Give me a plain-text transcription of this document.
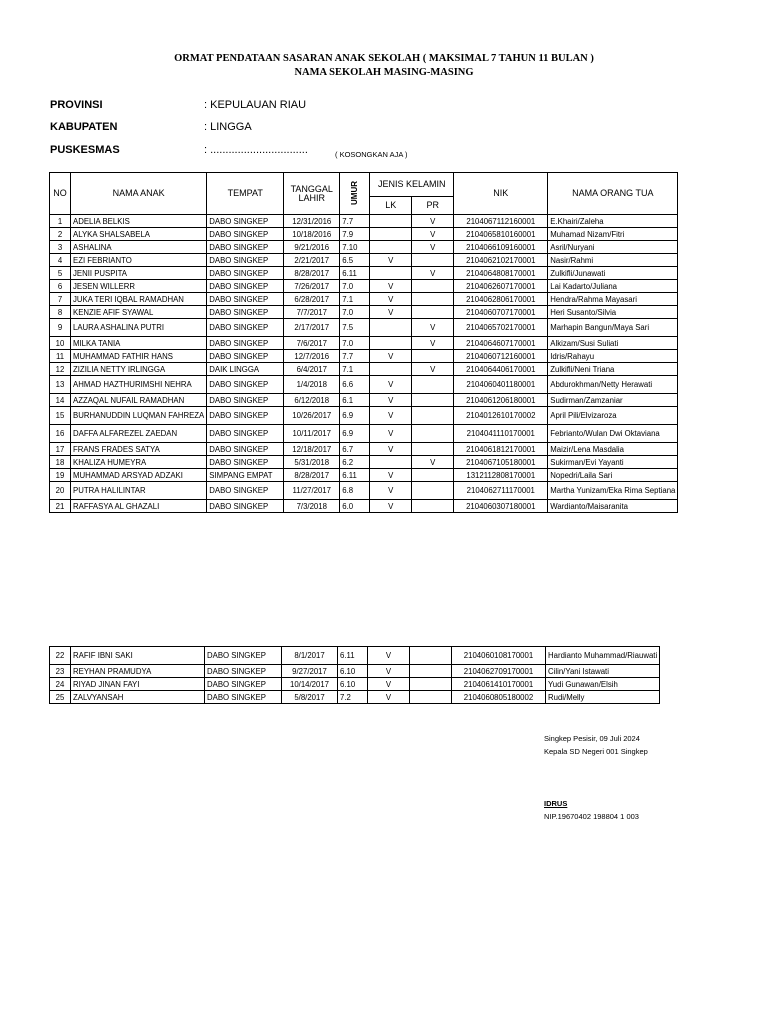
ORMAT PENDATAAN SASARAN ANAK SEKOLAH ( MAKSIMAL 7 TAHUN 11 BULAN )
NAMA SEKOLAH MASING-MASING
PROVINSI	: KEPULAUAN RIAU
KABUPATEN	: LINGGA
PUSKESMAS	: ................................	( KOSONGKAN AJA )
NO	NAMA ANAK	TEMPAT	TANGGAL LAHIR	UMUR	JENIS KELAMIN		NIK	NAMA ORANG TUA
					LK	PR		
1	ADELIA BELKIS	DABO SINGKEP	12/31/2016	7.7		V	2104067112160001	E.Khairi/Zaleha
2	ALYKA SHALSABELA	DABO SINGKEP	10/18/2016	7.9		V	2104065810160001	Muhamad Nizam/Fitri
3	ASHALINA	DABO SINGKEP	9/21/2016	7.10		V	2104066109160001	Asril/Nuryani
4	EZI FEBRIANTO	DABO SINGKEP	2/21/2017	6.5	V		2104062102170001	Nasir/Rahmi
5	JENII PUSPITA	DABO SINGKEP	8/28/2017	6.11		V	2104064808170001	Zulkifli/Junawati
6	JESEN WILLERR	DABO SINGKEP	7/26/2017	7.0	V		2104062607170001	Lai Kadarto/Juliana
7	JUKA TERI IQBAL RAMADHAN	DABO SINGKEP	6/28/2017	7.1	V		2104062806170001	Hendra/Rahma Mayasari
8	KENZIE AFIF SYAWAL	DABO SINGKEP	7/7/2017	7.0	V		2104060707170001	Heri Susanto/Silvia
9	LAURA ASHALINA PUTRI	DABO SINGKEP	2/17/2017	7.5		V	2104065702170001	Marhapin Bangun/Maya Sari
10	MILKA TANIA	DABO SINGKEP	7/6/2017	7.0		V	2104064607170001	Alkizam/Susi Suliati
11	MUHAMMAD FATHIR HANS	DABO SINGKEP	12/7/2016	7.7	V		2104060712160001	Idris/Rahayu
12	ZIZILIA NETTY IRLINGGA	DAIK LINGGA	6/4/2017	7.1		V	2104064406170001	Zulkifli/Neni Triana
13	AHMAD HAZTHURIMSHI NEHRA	DABO SINGKEP	1/4/2018	6.6	V		2104060401180001	Abdurokhman/Netty Herawati
14	AZZAQAL NUFAIL RAMADHAN	DABO SINGKEP	6/12/2018	6.1	V		2104061206180001	Sudirman/Zamzaniar
15	BURHANUDDIN LUQMAN FAHREZA	DABO SINGKEP	10/26/2017	6.9	V		2104012610170002	April Pili/Elvizaroza
16	DAFFA ALFAREZEL ZAEDAN	DABO SINGKEP	10/11/2017	6.9	V		2104041110170001	Febrianto/Wulan Dwi Oktaviana
17	FRANS FRADES SATYA	DABO SINGKEP	12/18/2017	6.7	V		2104061812170001	Maizir/Lena Masdalia
18	KHALIZA HUMEYRA	DABO SINGKEP	5/31/2018	6.2		V	2104067105180001	Sukirman/Evi Yayanti
19	MUHAMMAD ARSYAD ADZAKI	SIMPANG EMPAT	8/28/2017	6.11	V		1312112808170001	Nopedri/Laila Sari
20	PUTRA HALILINTAR	DABO SINGKEP	11/27/2017	6.8	V		2104062711170001	Martha Yunizam/Eka Rima Septiana
21	RAFFASYA AL GHAZALI	DABO SINGKEP	7/3/2018	6.0	V		2104060307180001	Wardianto/Maisaranita
22	RAFIF IBNI SAKI	DABO SINGKEP	8/1/2017	6.11	V		2104060108170001	Hardianto Muhammad/Riauwati
23	REYHAN PRAMUDYA	DABO SINGKEP	9/27/2017	6.10	V		2104062709170001	Cilin/Yani Istawati
24	RIYAD JINAN FAYI	DABO SINGKEP	10/14/2017	6.10	V		2104061410170001	Yudi Gunawan/Elsih
25	ZALVYANSAH	DABO SINGKEP	5/8/2017	7.2	V		2104060805180002	Rudi/Melly
Singkep Pesisir, 09 Juli 2024
Kepala SD Negeri 001 Singkep
IDRUS
NIP.19670402 198804 1 003
